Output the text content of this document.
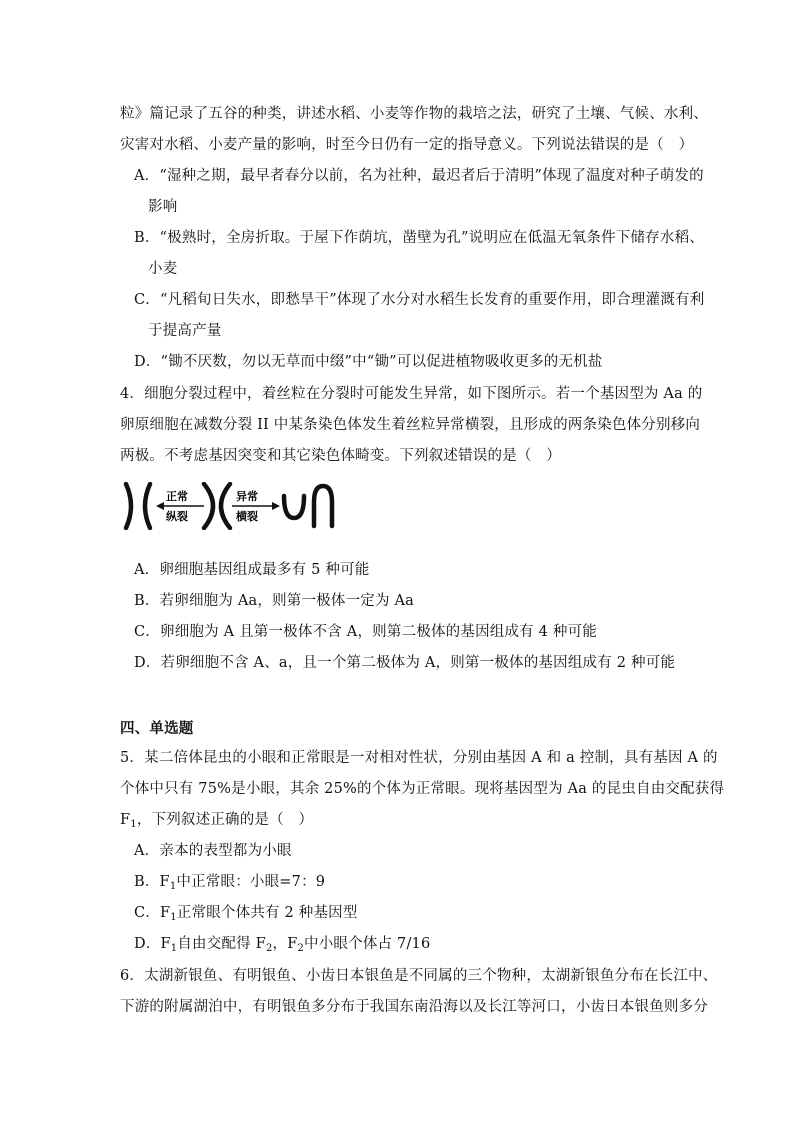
粒》篇记录了五谷的种类，讲述水稻、小麦等作物的栽培之法，研究了土壤、气候、水利、
灾害对水稻、小麦产量的影响，时至今日仍有一定的指导意义。下列说法错误的是（　）
A．“湿种之期，最早者春分以前，名为社种，最迟者后于清明”体现了温度对种子萌发的
影响
B．“极熟时，全房折取。于屋下作荫坑，凿壁为孔”说明应在低温无氧条件下储存水稻、
小麦
C．“凡稻旬日失水，即愁旱干”体现了水分对水稻生长发育的重要作用，即合理灌溉有利
于提高产量
D．“锄不厌数，勿以无草而中缀”中“锄”可以促进植物吸收更多的无机盐
4．细胞分裂过程中，着丝粒在分裂时可能发生异常，如下图所示。若一个基因型为 Aa 的
卵原细胞在减数分裂 II 中某条染色体发生着丝粒异常横裂，且形成的两条染色体分别移向
两极。不考虑基因突变和其它染色体畸变。下列叙述错误的是（　）
正常
纵裂
异常
横裂
A．卵细胞基因组成最多有 5 种可能
B．若卵细胞为 Aa，则第一极体一定为 Aa
C．卵细胞为 A 且第一极体不含 A，则第二极体的基因组成有 4 种可能
D．若卵细胞不含 A、a，且一个第二极体为 A，则第一极体的基因组成有 2 种可能
四、单选题
5．某二倍体昆虫的小眼和正常眼是一对相对性状，分别由基因 A 和 a 控制，具有基因 A 的
个体中只有 75%是小眼，其余 25%的个体为正常眼。现将基因型为 Aa 的昆虫自由交配获得
$F_1$，下列叙述正确的是（　）
A．亲本的表型都为小眼
B．$F_1$中正常眼：小眼=7：9
C．$F_1$正常眼个体共有 2 种基因型
D．$F_1$自由交配得 $F_2$，$F_2$中小眼个体占 7/16
6．太湖新银鱼、有明银鱼、小齿日本银鱼是不同属的三个物种，太湖新银鱼分布在长江中、
下游的附属湖泊中，有明银鱼多分布于我国东南沿海以及长江等河口，小齿日本银鱼则多分
